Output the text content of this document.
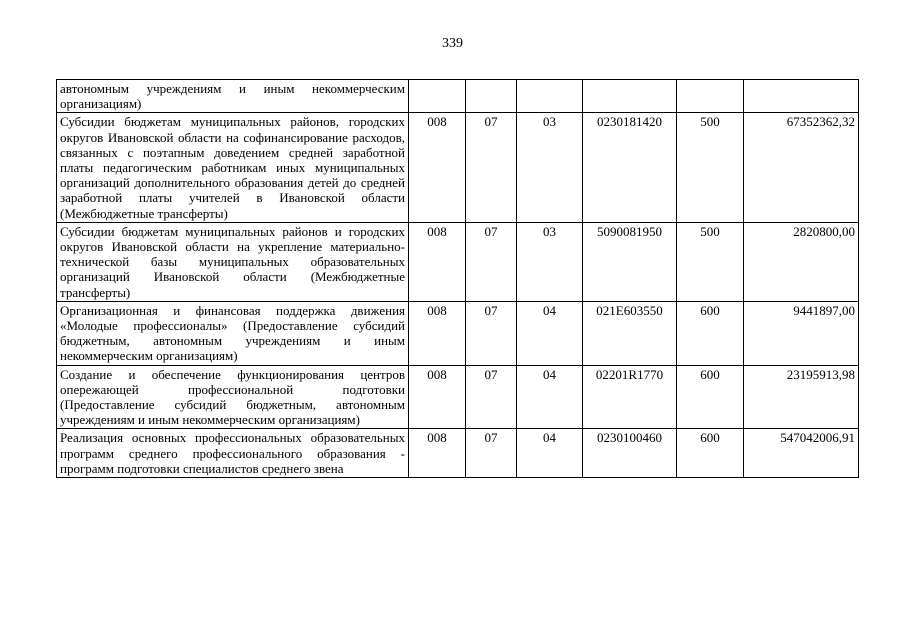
339
автономным учреждениям и иным некоммерческим организациям)						
Субсидии бюджетам муниципальных районов, городских округов Ивановской области на софинансирование расходов, связанных с поэтапным доведением средней заработной платы педагогическим работникам иных муниципальных организаций дополнительного образования детей до средней заработной платы учителей в Ивановской области (Межбюджетные трансферты)	008	07	03	0230181420	500	67352362,32
Субсидии бюджетам муниципальных районов и городских округов Ивановской области на укрепление материально-технической базы муниципальных образовательных организаций Ивановской области (Межбюджетные трансферты)	008	07	03	5090081950	500	2820800,00
Организационная и финансовая поддержка движения «Молодые профессионалы» (Предоставление субсидий бюджетным, автономным учреждениям и иным некоммерческим организациям)	008	07	04	021E603550	600	9441897,00
Создание и обеспечение функционирования центров опережающей профессиональной подготовки (Предоставление субсидий бюджетным, автономным учреждениям и иным некоммерческим организациям)	008	07	04	02201R1770	600	23195913,98
Реализация основных профессиональных образовательных программ среднего профессионального образования - программ подготовки специалистов среднего звена	008	07	04	0230100460	600	547042006,91
